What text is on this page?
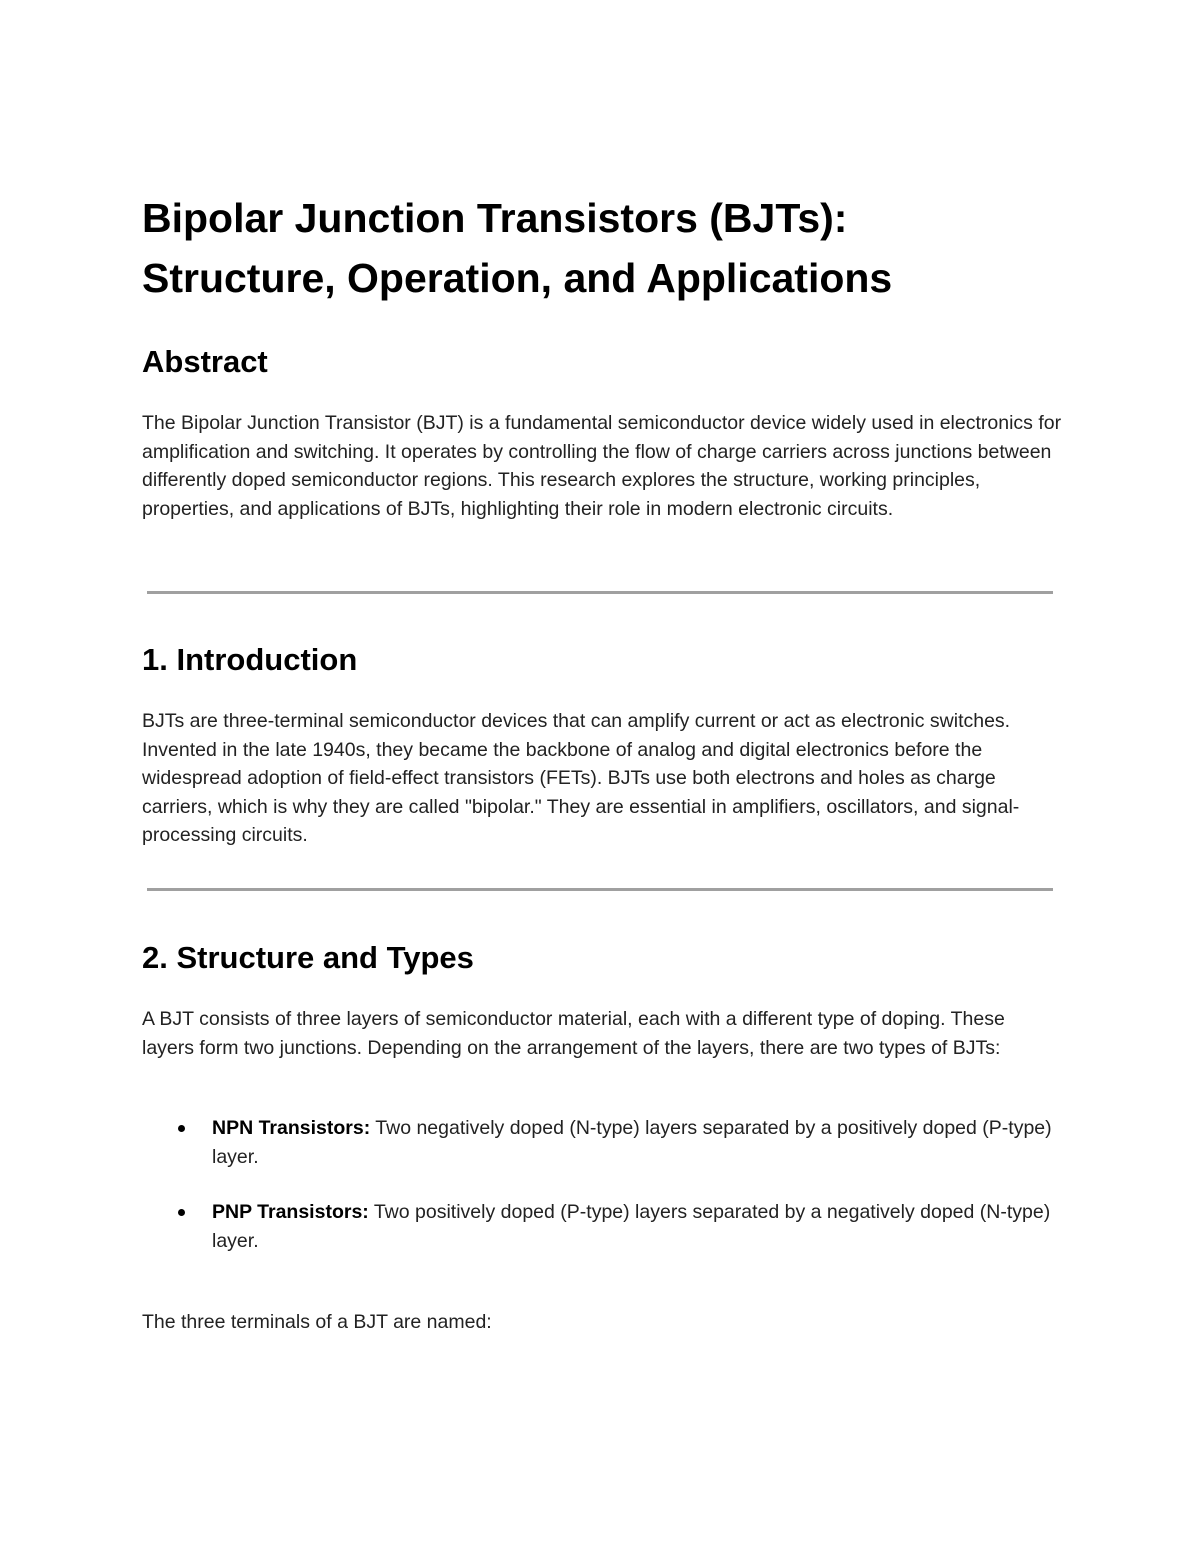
Bipolar Junction Transistors (BJTs):
Structure, Operation, and Applications
Abstract

The Bipolar Junction Transistor (BJT) is a fundamental semiconductor device widely used in electronics for amplification and switching. It operates by controlling the flow of charge carriers across junctions between differently doped semiconductor regions. This research explores the structure, working principles, properties, and applications of BJTs, highlighting their role in modern electronic circuits.

1. Introduction

BJTs are three-terminal semiconductor devices that can amplify current or act as electronic switches. Invented in the late 1940s, they became the backbone of analog and digital electronics before the widespread adoption of field-effect transistors (FETs). BJTs use both electrons and holes as charge carriers, which is why they are called "bipolar." They are essential in amplifiers, oscillators, and signal-processing circuits.

2. Structure and Types

A BJT consists of three layers of semiconductor material, each with a different type of doping. These layers form two junctions. Depending on the arrangement of the layers, there are two types of BJTs:

NPN Transistors: Two negatively doped (N-type) layers separated by a positively doped (P-type) layer.
PNP Transistors: Two positively doped (P-type) layers separated by a negatively doped (N-type) layer.

The three terminals of a BJT are named:
